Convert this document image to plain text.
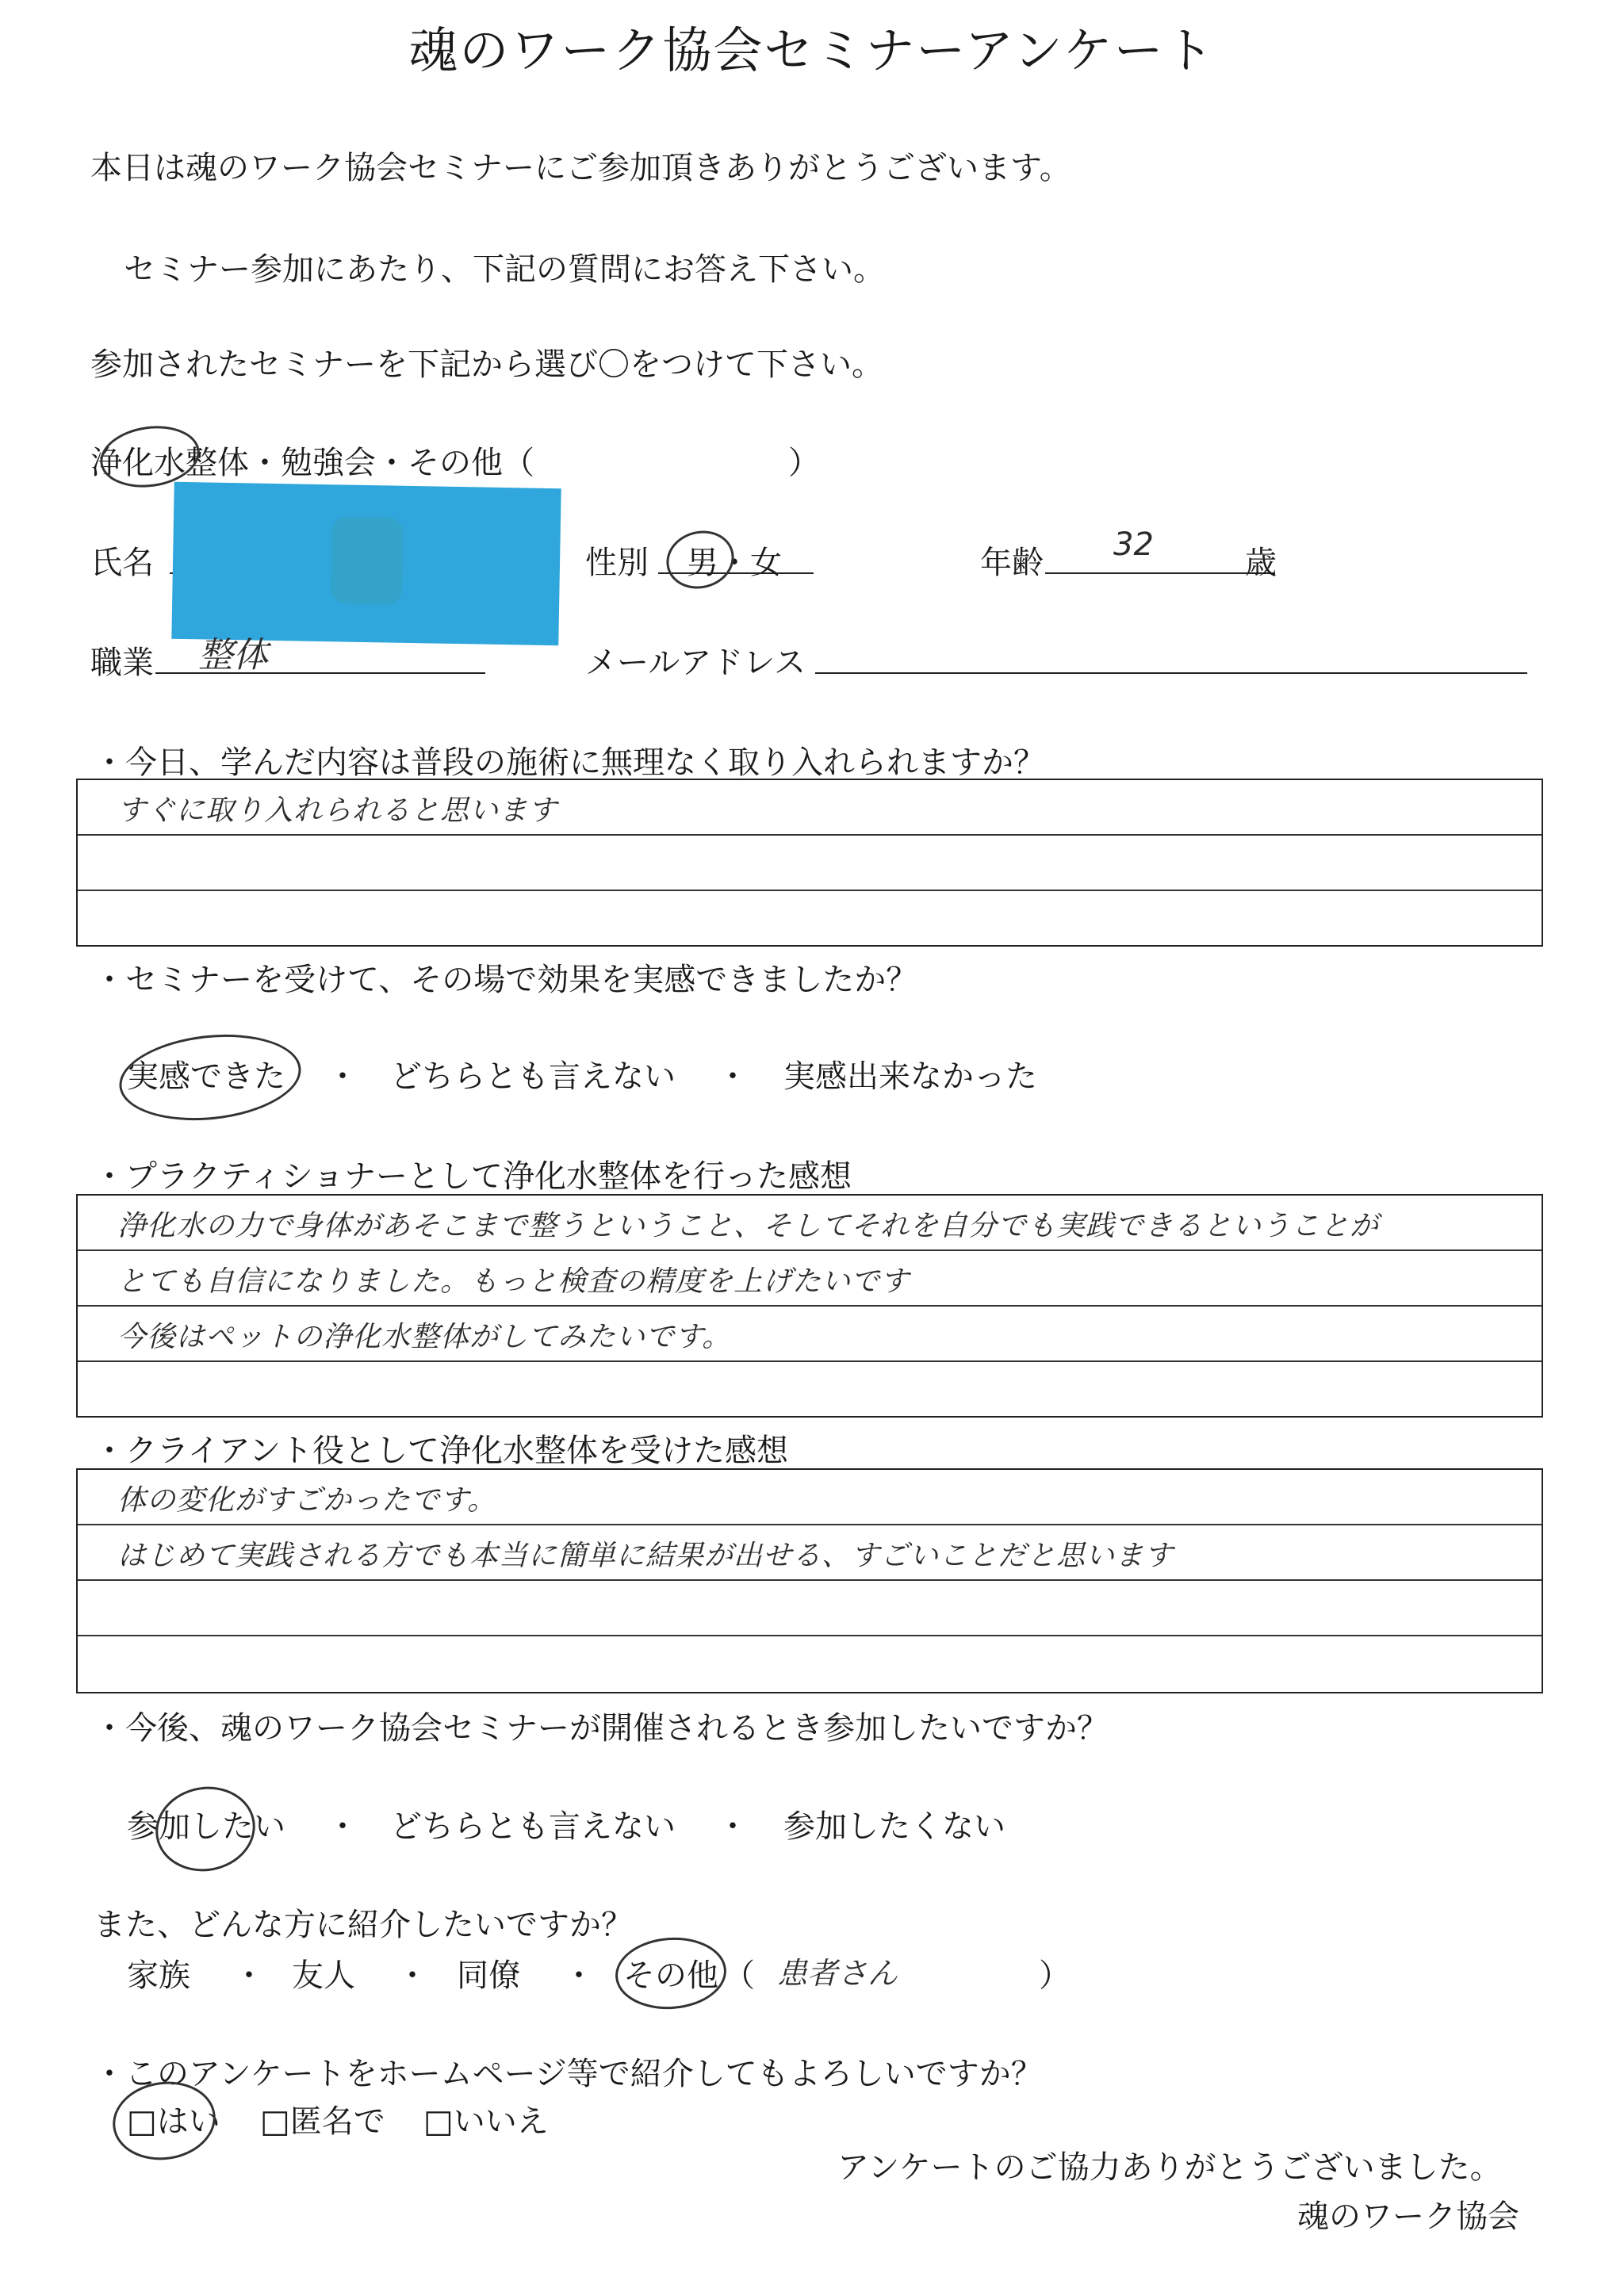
魂のワーク協会セミナーアンケート
本日は魂のワーク協会セミナーにご参加頂きありがとうございます。
セミナー参加にあたり、下記の質問にお答え下さい。
参加されたセミナーを下記から選び〇をつけて下さい。
浄化水整体・勉強会・その他（　　　　　　　　）
氏名	性別 男・女	年齢 32	歳
職業 整体	メールアドレス
・今日、学んだ内容は普段の施術に無理なく取り入れられますか？
すぐに取り入れられると思います
・セミナーを受けて、その場で効果を実感できましたか？
実感できた ・ どちらとも言えない ・ 実感出来なかった
・プラクティショナーとして浄化水整体を行った感想
浄化水の力で身体があそこまで整うということ、そしてそれを自分でも実践できるということが
とても自信になりました。もっと検査の精度を上げたいです
今後はペットの浄化水整体がしてみたいです。
・クライアント役として浄化水整体を受けた感想
体の変化がすごかったです。
はじめて実践される方でも本当に簡単に結果が出せる、すごいことだと思います
・今後、魂のワーク協会セミナーが開催されるとき参加したいですか？
参加したい ・ どちらとも言えない ・ 参加したくない
また、どんな方に紹介したいですか？
家族 ・ 友人 ・ 同僚 ・ その他 （ 患者さん	）
・このアンケートをホームページ等で紹介してもよろしいですか？
□はい □匿名で □いいえ
アンケートのご協力ありがとうございました。
魂のワーク協会
